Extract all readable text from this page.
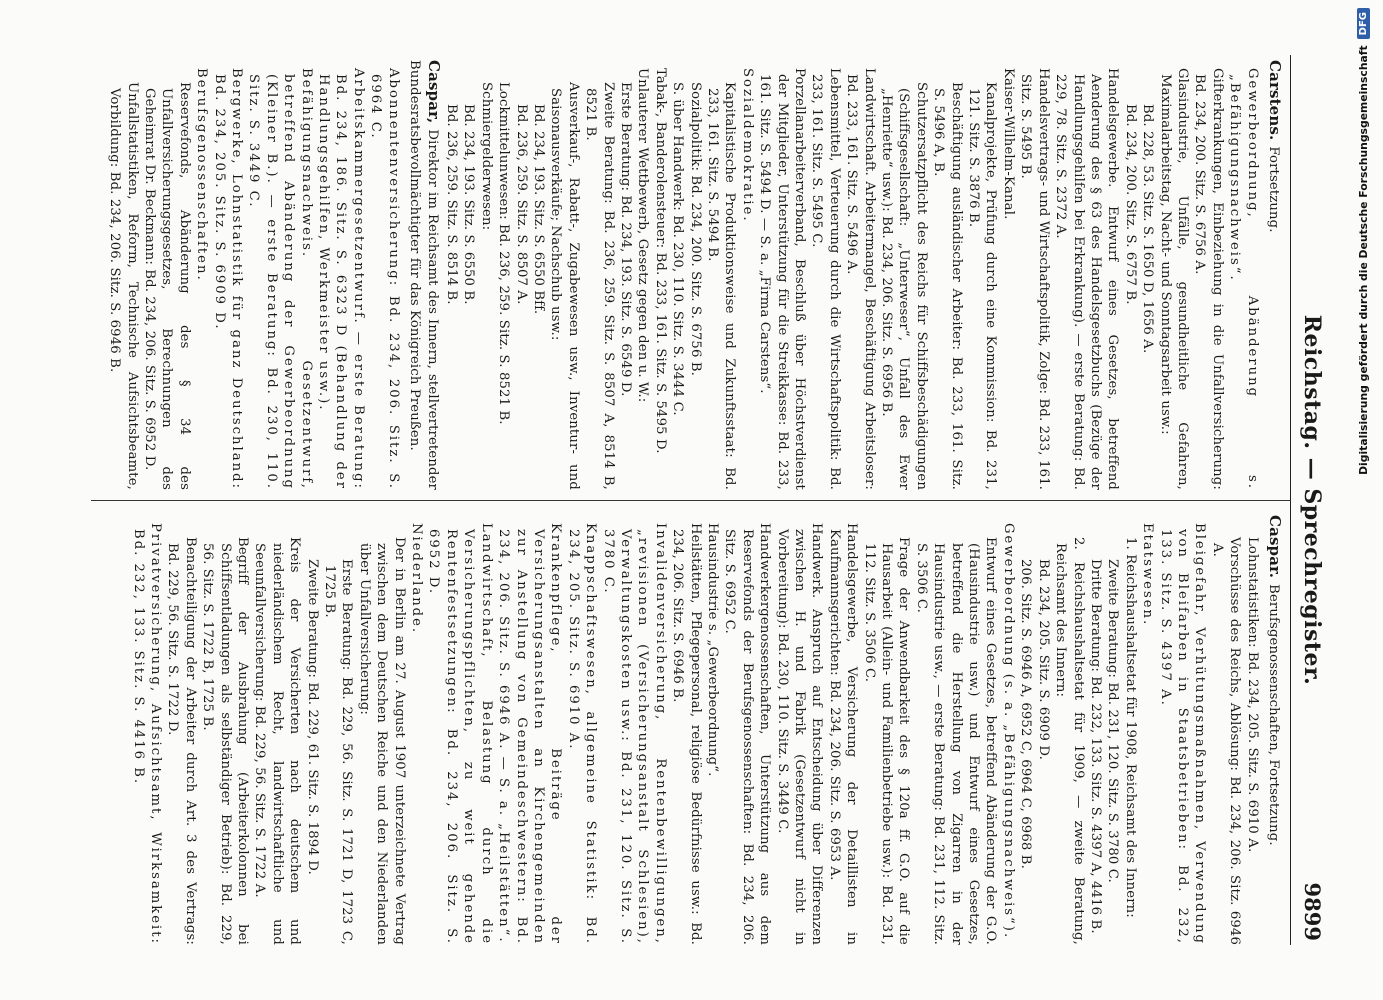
Reichstag. — Sprechregister.
9899

Carstens.Fortsetzung.

Gewerbeordnung, Abänderung s. „Befähigungsnachweis“.

Gifterkrankungen, Einbeziehung in die Unfallversicherung: Bd. 234, 200. Sitz. S. 6756 A.

Glasindustrie, Unfälle, gesundheitliche Gefahren, Maximalarbeitstag, Nacht- und Sonntagsarbeit usw.:

Bd. 228, 53. Sitz. S. 1650 D, 1656 A.

Bd. 234, 200. Sitz. S. 6757 B.

Handelsgewerbe. Entwurf eines Gesetzes, betreffend Aenderung des § 63 des Handelsgesetzbuchs (Bezüge der Handlungsgehilfen bei Erkrankung). — erste Beratung: Bd. 229, 78. Sitz. S. 2372 A.

Handelsvertrags- und Wirtschaftspolitik, Zolge: Bd. 233, 161. Sitz. S. 5495 B.

Kaiser-Wilhelm-Kanal.

Kanalprojekte, Prüfung durch eine Kommission: Bd. 231, 121. Sitz. S. 3876 B.

Beschäftigung ausländischer Arbeiter: Bd. 233, 161. Sitz. S. 5496 A, B.

Schutzersatzpflicht des Reichs für Schiffsbeschädigungen (Schiffsgesellschaft: „Unterweser“, Unfall des Ewer „Henriette“ usw.): Bd. 234, 206. Sitz. S. 6956 B.

Landwirtschaft. Arbeitermangel, Beschäftigung Arbeitsloser: Bd. 233, 161. Sitz. S. 5496 A.

Lebensmittel, Verteuerung durch die Wirtschaftspolitik: Bd. 233, 161. Sitz. S. 5495 C.

Porzellanarbeiterverband, Beschluß über Höchstverdienst der Mitglieder, Unterstützung für die Streikkasse: Bd. 233, 161. Sitz. S. 5494 D. — S. a. „Firma Carstens“.

Sozialdemokratie.

Kapitalistische Produktionsweise und Zukunftsstaat: Bd. 233, 161. Sitz. S. 5494 B.

Sozialpolitik: Bd. 234, 200. Sitz. S. 6756 B.

S. über Handwerk: Bd. 230, 110. Sitz. S. 3444 C.

Tabak-, Banderolensteuer: Bd. 233, 161. Sitz. S. 5495 D.

Unlauterer Wettbewerb, Gesetz gegen den u. W.:

Erste Beratung: Bd. 234, 193. Sitz. S. 6549 D.

Zweite Beratung: Bd. 236, 259. Sitz. S. 8507 A, 8514 B, 8521 B.

Ausverkauf-, Rabatt-, Zugabewesen usw., Inventur- und Saisonausverkäufe; Nachschub usw.:

Bd. 234, 193. Sitz. S. 6550 Bff.

Bd. 236, 259. Sitz. S. 8507 A.

Lockmittelunwesen: Bd. 236, 259. Sitz. S. 8521 B.

Schmiergelderwesen:

Bd. 234, 193. Sitz. S. 6550 B.

Bd. 236, 259. Sitz. S. 8514 B.

Caspar,Direktor im Reichsamt des Innern, stellvertretender Bundesratsbevollmächtigter für das Königreich Preußen.

Abonnentenversicherung: Bd. 234, 206. Sitz. S. 6964 C.

Arbeitskammergesetzentwurf. — erste Beratung: Bd. 234, 186. Sitz. S. 6323 D (Behandlung der Handlungsgehilfen, Werkmeister usw.).

Befähigungsnachweis. Gesetzentwurf, betreffend Abänderung der Gewerbeordnung (Kleiner B.). — erste Beratung: Bd. 230, 110. Sitz. S. 3449 C.

Bergwerke, Lohnstatistik für ganz Deutschland: Bd. 234, 205. Sitz. S. 6909 D.

Berufsgenossenschaften.

Reservefonds, Abänderung des § 34 des Unfallversicherungsgesetzes, Berechnungen des Geheimrat Dr. Beckmann: Bd. 234, 206. Sitz. S. 6952 D.

Unfallstatistiken, Reform, Technische Aufsichtsbeamte, Vorbildung: Bd. 234, 206. Sitz. S. 6946 B.

Caspar.Berufsgenossenschaften, Fortsetzung.

Lohnstatistiken: Bd. 234, 205. Sitz. S. 6910 A.

Vorschüsse des Reichs, Ablösung: Bd. 234, 206. Sitz. 6946 A.

Bleigefahr, Verhütungsmaßnahmen, Verwendung von Bleifarben in Staatsbetrieben: Bd. 232, 133. Sitz. S. 4397 A.

Etatswesen.

1. Reichshaushaltsetat für 1908, Reichsamt des Innern:

Zweite Beratung: Bd. 231, 120. Sitz. S. 3780 C.

Dritte Beratung: Bd. 232, 133. Sitz. S. 4397 A, 4416 B.

2. Reichshaushaltsetat für 1909, — zweite Beratung, Reichsamt des Innern:

Bd. 234, 205. Sitz. S. 6909 D.

206. Sitz. S. 6946 A, 6952 C, 6964 C, 6968 B.

Gewerbeordnung (s. a. „Befähigungsnachweis“).

Entwurf eines Gesetzes, betreffend Abänderung der G.O. (Hausindustrie usw.) und Entwurf eines Gesetzes, betreffend die Herstellung von Zigarren in der Hausindustrie usw., — erste Beratung: Bd. 231, 112. Sitz. S. 3506 C.

Frage der Anwendbarkeit des § 120a ff. G.O. auf die Hausarbeit (Allein- und Familienbetriebe usw.): Bd. 231, 112. Sitz. S. 3506 C.

Handelsgewerbe, Versicherung der Detaillisten in Kaufmannsgerichten: Bd. 234, 206. Sitz. S. 6953 A.

Handwerk. Anspruch auf Entscheidung über Differenzen zwischen H. und Fabrik (Gesetzentwurf nicht in Vorbereitung): Bd. 230, 110. Sitz. S. 3449 C.

Handwerkergenossenschaften, Unterstützung aus dem Reservefonds der Berufsgenossenschaften: Bd. 234, 206. Sitz. S. 6952 C.

Hausindustrie s. „Gewerbeordnung“.

Heilstätten, Pflegepersonal, religiöse Bedürfnisse usw.: Bd. 234, 206. Sitz. S. 6946 B.

Invalidenversicherung, Rentenbewilligungen, „revisionen (Versicherungsanstalt Schlesien), Verwaltungskosten usw.: Bd. 231, 120. Sitz. S. 3780 C.

Knappschaftswesen, allgemeine Statistik: Bd. 234, 205. Sitz. S. 6910 A.

Krankenpflege, Beiträge der Versicherungsanstalten an Kirchengemeinden zur Anstellung von Gemeindeschwestern: Bd. 234, 206. Sitz. S. 6946 A. — S. a. „Heilstätten“.

Landwirtschaft, Belastung durch die Versicherungspflichten, zu weit gehende Rentenfestsetzungen: Bd. 234, 206. Sitz. S. 6952 D.

Niederlande.

Der in Berlin am 27. August 1907 unterzeichnete Vertrag zwischen dem Deutschen Reiche und den Niederlanden über Unfallversicherung:

Erste Beratung: Bd. 229, 56. Sitz. S. 1721 D, 1723 C, 1725 B.

Zweite Beratung: Bd. 229, 61. Sitz. S. 1894 D.

Kreis der Versicherten nach deutschem und niederländischem Recht, landwirtschaftliche und Seeunfallversicherung: Bd. 229, 56. Sitz. S. 1722 A.

Begriff der Ausbrahung (Arbeiterkolonnen bei Schiffsentladungen als selbständiger Betrieb): Bd. 229, 56. Sitz. S. 1722 B, 1725 B.

Benachteiligung der Arbeiter durch Art. 3 des Vertrags: Bd. 229, 56. Sitz. S. 1722 D.

Privatversicherung, Aufsichtsamt, Wirksamkeit: Bd. 232, 133. Sitz. S. 4416 B.

Digitalisierung gefördert durch die Deutsche Forschungsgemeinschaft
DFG
